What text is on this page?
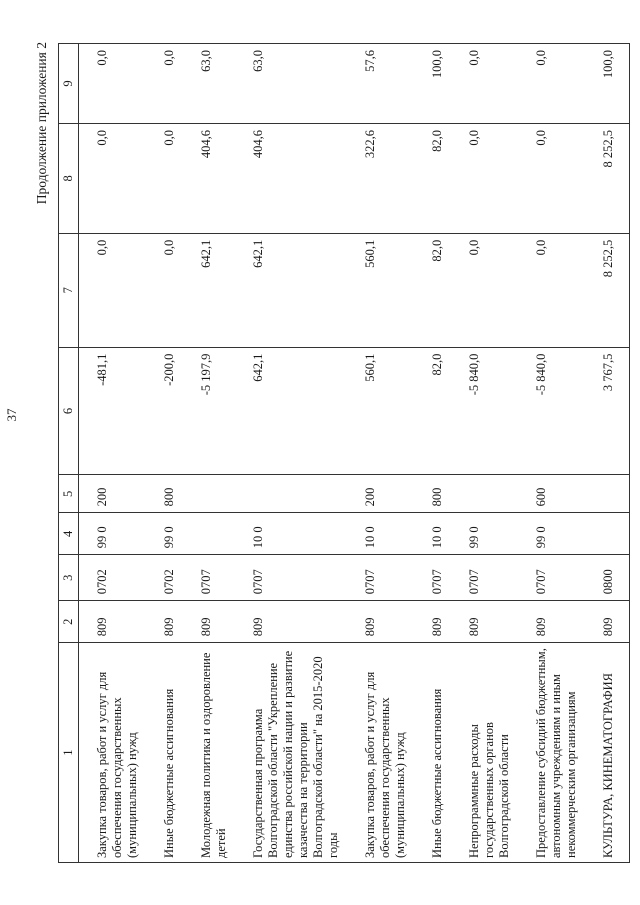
37
Продолжение приложения 2
1	2	3	4	5	6	7	8	9
Закупка товаров, работ и услуг для обеспечения государственных (муниципальных) нужд	809	0702	99 0	200	-481,1	0,0	0,0	0,0
Иные бюджетные ассигнования	809	0702	99 0	800	-200,0	0,0	0,0	0,0
Молодежная политика и оздоровление детей	809	0707			-5 197,9	642,1	404,6	63,0
Государственная программа Волгоградской области "Укрепление единства российской нации и развитие казачества на территории Волгоградской области" на 2015-2020 годы	809	0707	10 0		642,1	642,1	404,6	63,0
Закупка товаров, работ и услуг для обеспечения государственных (муниципальных) нужд	809	0707	10 0	200	560,1	560,1	322,6	57,6
Иные бюджетные ассигнования	809	0707	10 0	800	82,0	82,0	82,0	100,0
Непрограммные расходы государственных органов Волгоградской области	809	0707	99 0		-5 840,0	0,0	0,0	0,0
Предоставление субсидий бюджетным, автономным учреждениям и иным некоммерческим организациям	809	0707	99 0	600	-5 840,0	0,0	0,0	0,0
КУЛЬТУРА, КИНЕМАТОГРАФИЯ	809	0800			3 767,5	8 252,5	8 252,5	100,0
